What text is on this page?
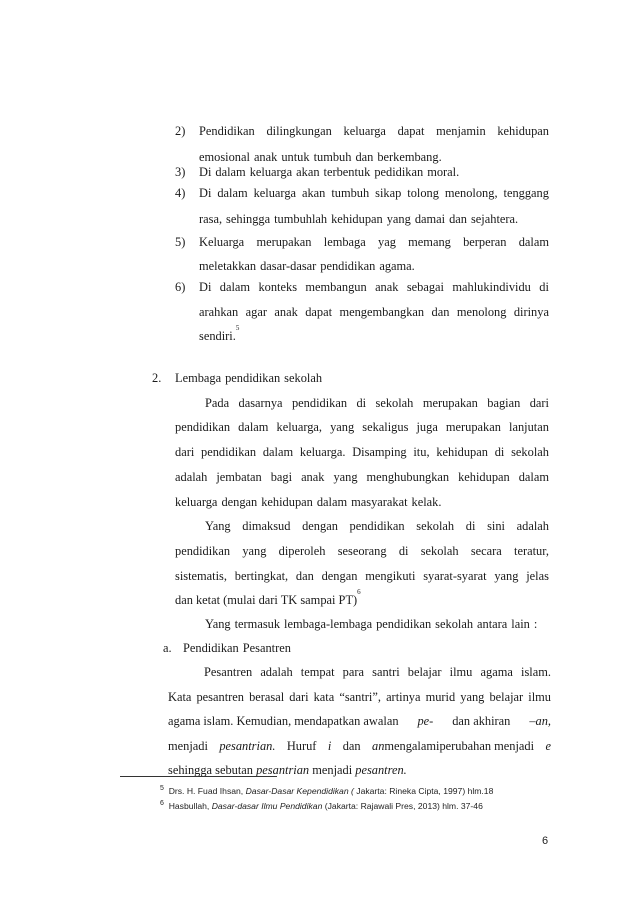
2) Pendidikan dilingkungan keluarga dapat menjamin kehidupan
emosional anak untuk tumbuh dan berkembang.
3) Di dalam keluarga akan terbentuk pedidikan moral.
4) Di dalam keluarga akan tumbuh sikap tolong menolong, tenggang
rasa, sehingga tumbuhlah kehidupan yang damai dan sejahtera.
5) Keluarga merupakan lembaga yag memang berperan dalam
meletakkan dasar-dasar pendidikan agama.
6) Di dalam konteks membangun anak sebagai mahlukindividu di
arahkan agar anak dapat mengembangkan dan menolong dirinya
sendiri.
5
2. Lembaga pendidikan sekolah
Pada dasarnya pendidikan di sekolah merupakan bagian dari
pendidikan dalam keluarga, yang sekaligus juga merupakan lanjutan
dari pendidikan dalam keluarga. Disamping itu, kehidupan di sekolah
adalah jembatan bagi anak yang menghubungkan kehidupan dalam
keluarga dengan kehidupan dalam masyarakat kelak.
Yang dimaksud dengan pendidikan sekolah di sini adalah
pendidikan yang diperoleh seseorang di sekolah secara teratur,
sistematis, bertingkat, dan dengan mengikuti syarat-syarat yang jelas
dan ketat (mulai dari TK sampai PT)
6
Yang termasuk lembaga-lembaga pendidikan sekolah antara lain :
a. Pendidikan Pesantren
Pesantren adalah tempat para santri belajar ilmu agama islam.
Kata pesantren berasal dari kata “santri”, artinya murid yang belajar ilmu
agama islam. Kemudian, mendapatkan awalan pe- dan akhiran –an,
menjadi pesantrian. Huruf i dan anmengalamiperubahan menjadi e
sehingga sebutan
pesantrian
menjadi
pesantren.
$^5$ Drs. H. Fuad Ihsan, Dasar-Dasar Kependidikan ( Jakarta: Rineka Cipta, 1997) hlm.18
$^6$ Hasbullah, Dasar-dasar Ilmu Pendidikan (Jakarta: Rajawali Pres, 2013) hlm. 37-46
6
